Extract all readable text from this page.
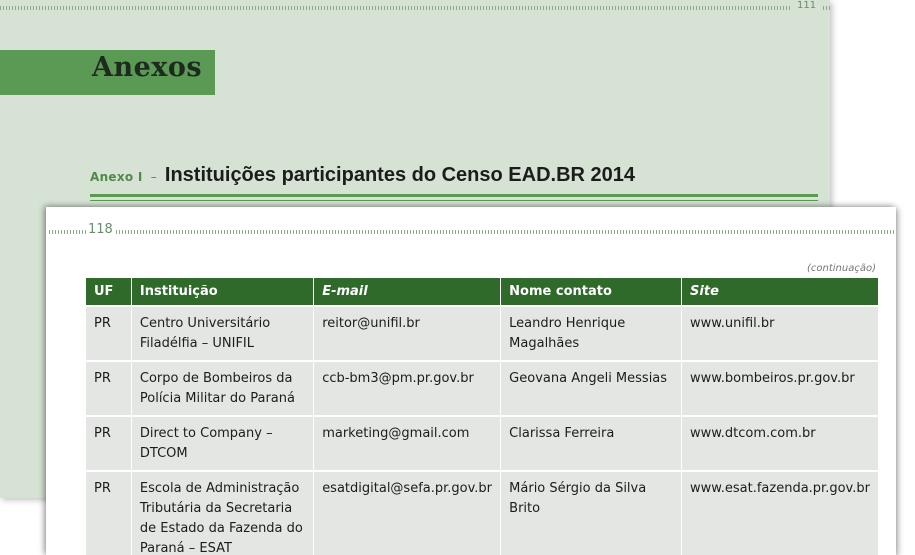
111
Anexos
Anexo I – Instituições participantes do Censo EAD.BR 2014
118
(continuação)
UF	Instituição	E-mail	Nome contato	Site
PR	Centro Universitário Filadélfia – UNIFIL	reitor@unifil.br	Leandro Henrique Magalhães	www.unifil.br
PR	Corpo de Bombeiros da Polícia Militar do Paraná	ccb-bm3@pm.pr.gov.br	Geovana Angeli Messias	www.bombeiros.pr.gov.br
PR	Direct to Company – DTCOM	marketing@gmail.com	Clarissa Ferreira	www.dtcom.com.br
PR	Escola de Administração Tributária da Secretaria de Estado da Fazenda do Paraná – ESAT	esatdigital@sefa.pr.gov.br	Mário Sérgio da Silva Brito	www.esat.fazenda.pr.gov.br
